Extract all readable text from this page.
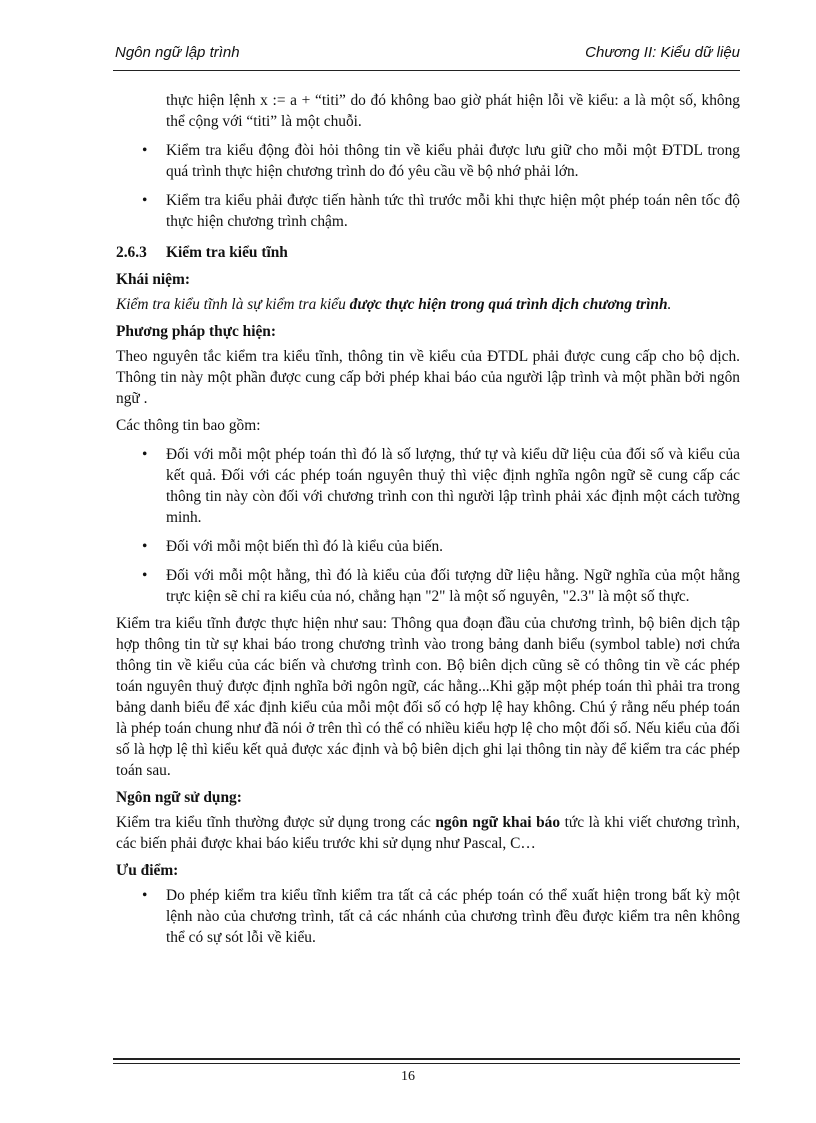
Ngôn ngữ lập trình	Chương II: Kiểu dữ liệu

thực hiện lệnh x := a + “titi” do đó không bao giờ phát hiện lỗi về kiểu: a là một số, không thể cộng với “titi” là một chuỗi.

• Kiểm tra kiểu động đòi hỏi thông tin về kiểu phải được lưu giữ cho mỗi một ĐTDL trong quá trình thực hiện chương trình do đó yêu cầu về bộ nhớ phải lớn.
• Kiểm tra kiểu phải được tiến hành tức thì trước mỗi khi thực hiện một phép toán nên tốc độ thực hiện chương trình chậm.
2.6.3 Kiểm tra kiểu tĩnh
Khái niệm:

Kiểm tra kiểu tĩnh là sự kiểm tra kiểu được thực hiện trong quá trình dịch chương trình.

Phương pháp thực hiện:

Theo nguyên tắc kiểm tra kiểu tĩnh, thông tin về kiểu của ĐTDL phải được cung cấp cho bộ dịch. Thông tin này một phần được cung cấp bởi phép khai báo của người lập trình và một phần bởi ngôn ngữ .

Các thông tin bao gồm:

• Đối với mỗi một phép toán thì đó là số lượng, thứ tự và kiểu dữ liệu của đối số và kiểu của kết quả. Đối với các phép toán nguyên thuỷ thì việc định nghĩa ngôn ngữ sẽ cung cấp các thông tin này còn đối với chương trình con thì người lập trình phải xác định một cách tường minh.
• Đối với mỗi một biến thì đó là kiểu của biến.
• Đối với mỗi một hằng, thì đó là kiểu của đối tượng dữ liệu hằng. Ngữ nghĩa của một hằng trực kiện sẽ chỉ ra kiểu của nó, chẳng hạn "2" là một số nguyên, "2.3" là một số thực.

Kiểm tra kiểu tĩnh được thực hiện như sau: Thông qua đoạn đầu của chương trình, bộ biên dịch tập hợp thông tin từ sự khai báo trong chương trình vào trong bảng danh biểu (symbol table) nơi chứa thông tin về kiểu của các biến và chương trình con. Bộ biên dịch cũng sẽ có thông tin về các phép toán nguyên thuỷ được định nghĩa bởi ngôn ngữ, các hằng...Khi gặp một phép toán thì phải tra trong bảng danh biểu để xác định kiểu của mỗi một đối số có hợp lệ hay không. Chú ý rằng nếu phép toán là phép toán chung như đã nói ở trên thì có thể có nhiều kiểu hợp lệ cho một đối số. Nếu kiểu của đối số là hợp lệ thì kiểu kết quả được xác định và bộ biên dịch ghi lại thông tin này để kiểm tra các phép toán sau.

Ngôn ngữ sử dụng:

Kiểm tra kiểu tĩnh thường được sử dụng trong các ngôn ngữ khai báo tức là khi viết chương trình, các biến phải được khai báo kiểu trước khi sử dụng như Pascal, C…

Ưu điểm:
• Do phép kiểm tra kiểu tĩnh kiểm tra tất cả các phép toán có thể xuất hiện trong bất kỳ một lệnh nào của chương trình, tất cả các nhánh của chương trình đều được kiểm tra nên không thể có sự sót lỗi về kiểu.
16
